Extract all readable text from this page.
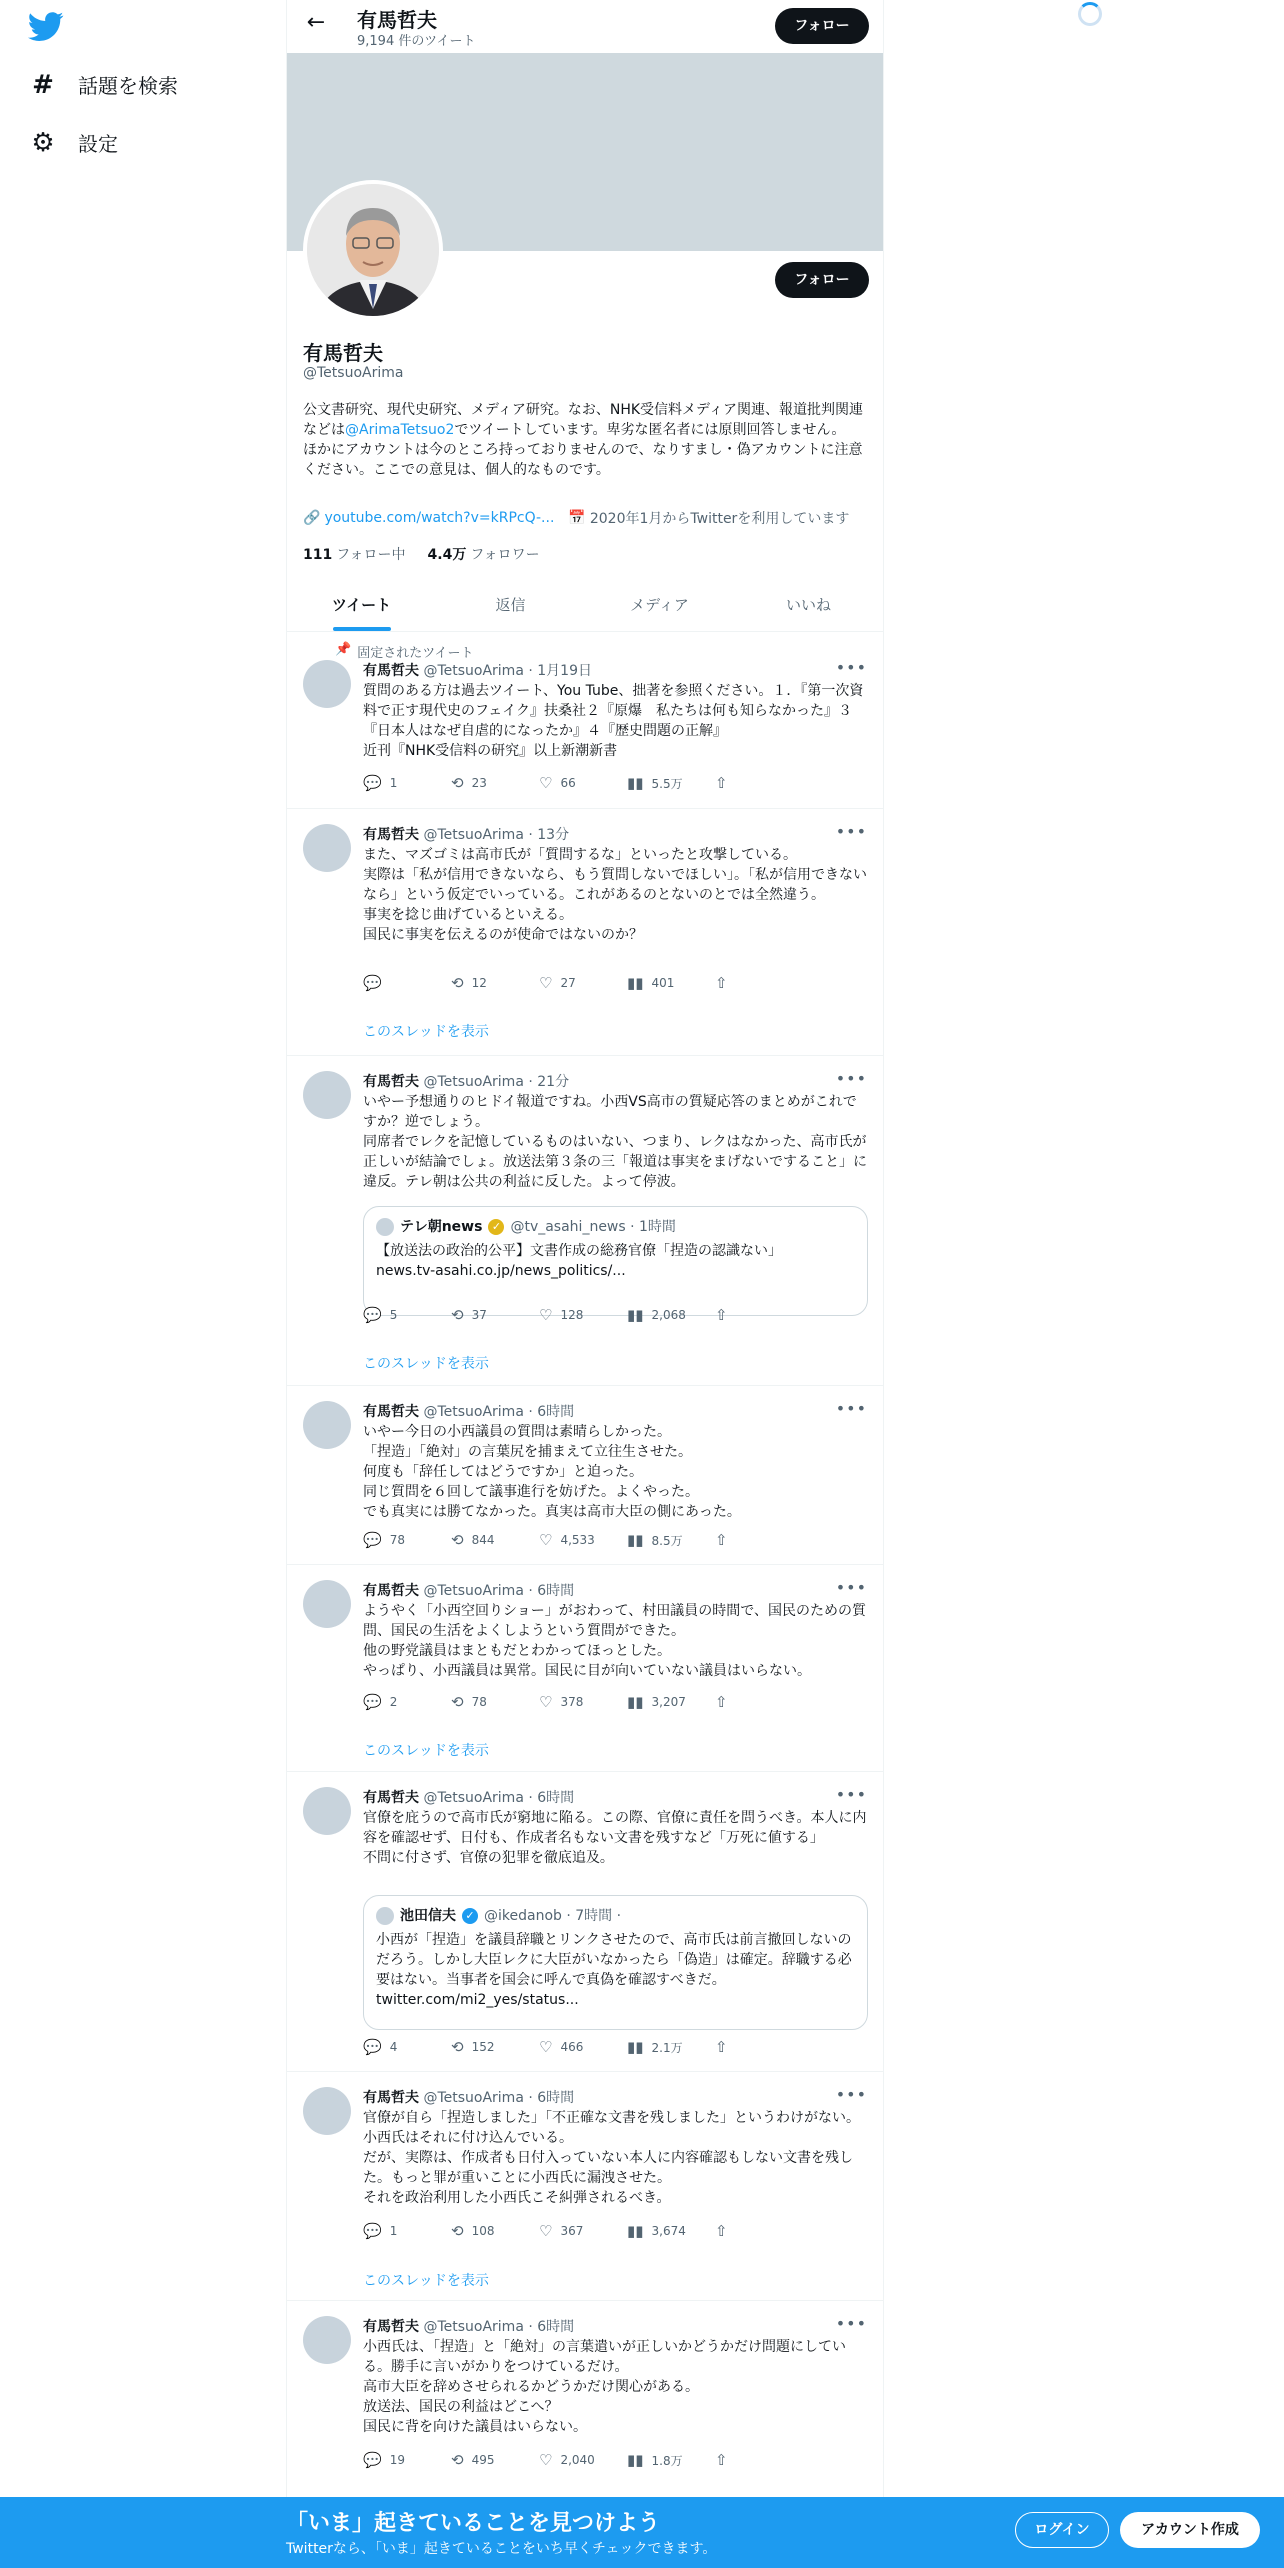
# 話題を検索
⚙ 設定
← 有馬哲夫
9,194 件のツイート
フォロー
フォロー
有馬哲夫
@TetsuoArima

公文書研究、現代史研究、メディア研究。なお、NHK受信料メディア関連、報道批判関連などは@ArimaTetsuo2でツイートしています。卑劣な匿名者には原則回答しません。

ほかにアカウントは今のところ持っておりませんので、なりすまし・偽アカウントに注意ください。ここでの意見は、個人的なものです。

🔗 youtube.com/watch?v=kRPcQ-... 📅 2020年1月からTwitterを利用しています
111 フォロー中 4.4万 フォロワー
ツイート	返信	メディア	いいね
📌 固定されたツイート
有馬哲夫 @TetsuoArima · 1月19日	•••
質問のある方は過去ツイート、You Tube、拙著を参照ください。１．『第一次資料で正す現代史のフェイク』扶桑社２『原爆　私たちは何も知らなかった』３『日本人はなぜ自虐的になったか』４『歴史問題の正解』
近刊『NHK受信料の研究』以上新潮新書
💬 1	⟲ 23	♡ 66	▮▮ 5.5万 ⇧
有馬哲夫 @TetsuoArima · 13分	•••
また、マズゴミは高市氏が「質問するな」といったと攻撃している。
実際は「私が信用できないなら、もう質問しないでほしい」。「私が信用できないなら」という仮定でいっている。これがあるのとないのとでは全然違う。
事実を捻じ曲げているといえる。
国民に事実を伝えるのが使命ではないのか？
💬	⟲ 12	♡ 27	▮▮ 401	⇧
このスレッドを表示
有馬哲夫 @TetsuoArima · 21分	•••
いやー予想通りのヒドイ報道ですね。小西VS高市の質疑応答のまとめがこれですか？逆でしょう。
同席者でレクを記憶しているものはいない、つまり、レクはなかった、高市氏が正しいが結論でしょ。放送法第３条の三「報道は事実をまげないですること」に違反。テレ朝は公共の利益に反した。よって停波。
テレ朝news ✓ @tv_asahi_news · 1時間
【放送法の政治的公平】文書作成の総務官僚「捏造の認識ない」
news.tv-asahi.co.jp/news_politics/...
💬 5	⟲ 37	♡ 128	▮▮ 2,068 ⇧
このスレッドを表示
有馬哲夫 @TetsuoArima · 6時間	•••
いやー今日の小西議員の質問は素晴らしかった。
「捏造」「絶対」の言葉尻を捕まえて立往生させた。
何度も「辞任してはどうですか」と迫った。
同じ質問を６回して議事進行を妨げた。よくやった。
でも真実には勝てなかった。真実は高市大臣の側にあった。
💬 78	⟲ 844	♡ 4,533 ▮▮ 8.5万 ⇧
有馬哲夫 @TetsuoArima · 6時間	•••
ようやく「小西空回りショー」がおわって、村田議員の時間で、国民のための質問、国民の生活をよくしようという質問ができた。
他の野党議員はまともだとわかってほっとした。
やっぱり、小西議員は異常。国民に目が向いていない議員はいらない。
💬 2	⟲ 78	♡ 378	▮▮ 3,207 ⇧
このスレッドを表示
有馬哲夫 @TetsuoArima · 6時間	•••
官僚を庇うので高市氏が窮地に陥る。この際、官僚に責任を問うべき。本人に内容を確認せず、日付も、作成者名もない文書を残すなど「万死に値する」
不問に付さず、官僚の犯罪を徹底追及。
池田信夫 ✓ @ikedanob · 7時間 ·
小西が「捏造」を議員辞職とリンクさせたので、高市氏は前言撤回しないのだろう。しかし大臣レクに大臣がいなかったら「偽造」は確定。辞職する必要はない。当事者を国会に呼んで真偽を確認すべきだ。
twitter.com/mi2_yes/status...
💬 4	⟲ 152	♡ 466	▮▮ 2.1万 ⇧
有馬哲夫 @TetsuoArima · 6時間	•••
官僚が自ら「捏造しました」「不正確な文書を残しました」というわけがない。小西氏はそれに付け込んでいる。
だが、実際は、作成者も日付入っていない本人に内容確認もしない文書を残した。もっと罪が重いことに小西氏に漏洩させた。
それを政治利用した小西氏こそ糾弾されるべき。
💬 1	⟲ 108	♡ 367	▮▮ 3,674 ⇧
このスレッドを表示
有馬哲夫 @TetsuoArima · 6時間	•••
小西氏は、「捏造」と「絶対」の言葉遣いが正しいかどうかだけ問題にしている。勝手に言いがかりをつけているだけ。
高市大臣を辞めさせられるかどうかだけ関心がある。
放送法、国民の利益はどこへ？
国民に背を向けた議員はいらない。
💬 19	⟲ 495	♡ 2,040 ▮▮ 1.8万 ⇧
「いま」起きていることを見つけよう
Twitterなら、「いま」起きていることをいち早くチェックできます。
ログイン	アカウント作成
